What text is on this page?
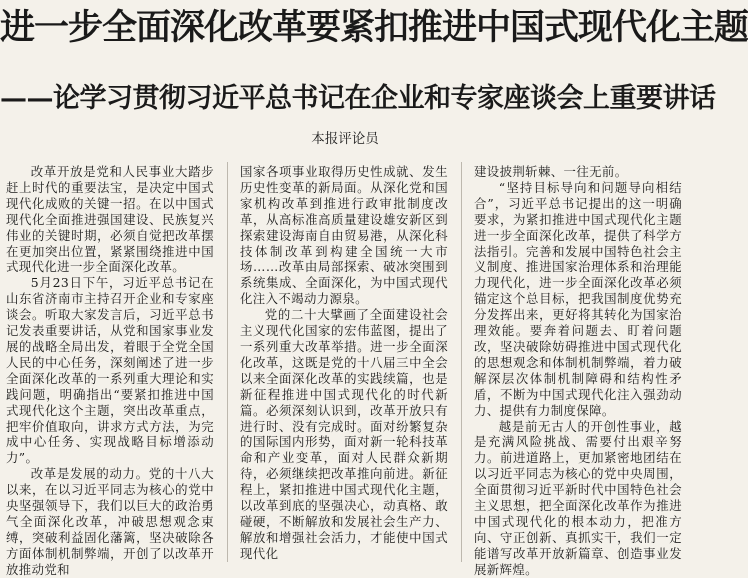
进一步全面深化改革要紧扣推进中国式现代化主题
——论学习贯彻习近平总书记在企业和专家座谈会上重要讲话
本报评论员

改革开放是党和人民事业大踏步赶上时代的重要法宝，是决定中国式现代化成败的关键一招。在以中国式现代化全面推进强国建设、民族复兴伟业的关键时期，必须自觉把改革摆在更加突出位置，紧紧围绕推进中国式现代化进一步全面深化改革。

5月23日下午，习近平总书记在山东省济南市主持召开企业和专家座谈会。听取大家发言后，习近平总书记发表重要讲话，从党和国家事业发展的战略全局出发，着眼于全党全国人民的中心任务，深刻阐述了进一步全面深化改革的一系列重大理论和实践问题，明确指出“要紧扣推进中国式现代化这个主题，突出改革重点，把牢价值取向，讲求方式方法，为完成中心任务、实现战略目标增添动力”。

改革是发展的动力。党的十八大以来，在以习近平同志为核心的党中央坚强领导下，我们以巨大的政治勇气全面深化改革，冲破思想观念束缚，突破利益固化藩篱，坚决破除各方面体制机制弊端，开创了以改革开放推动党和

国家各项事业取得历史性成就、发生历史性变革的新局面。从深化党和国家机构改革到推进行政审批制度改革，从高标准高质量建设雄安新区到探索建设海南自由贸易港，从深化科技体制改革到构建全国统一大市场……改革由局部探索、破冰突围到系统集成、全面深化，为中国式现代化注入不竭动力源泉。

党的二十大擘画了全面建设社会主义现代化国家的宏伟蓝图，提出了一系列重大改革举措。进一步全面深化改革，这既是党的十八届三中全会以来全面深化改革的实践续篇，也是新征程推进中国式现代化的时代新篇。必须深刻认识到，改革开放只有进行时、没有完成时。面对纷繁复杂的国际国内形势，面对新一轮科技革命和产业变革，面对人民群众新期待，必须继续把改革推向前进。新征程上，紧扣推进中国式现代化主题，以改革到底的坚强决心，动真格、敢碰硬，不断解放和发展社会生产力、解放和增强社会活力，才能使中国式现代化

建设披荆斩棘、一往无前。

“坚持目标导向和问题导向相结合”，习近平总书记提出的这一明确要求，为紧扣推进中国式现代化主题进一步全面深化改革，提供了科学方法指引。完善和发展中国特色社会主义制度、推进国家治理体系和治理能力现代化，进一步全面深化改革必须锚定这个总目标，把我国制度优势充分发挥出来，更好将其转化为国家治理效能。要奔着问题去、盯着问题改，坚决破除妨碍推进中国式现代化的思想观念和体制机制弊端，着力破解深层次体制机制障碍和结构性矛盾，不断为中国式现代化注入强劲动力、提供有力制度保障。

越是前无古人的开创性事业，越是充满风险挑战、需要付出艰辛努力。前进道路上，更加紧密地团结在以习近平同志为核心的党中央周围，全面贯彻习近平新时代中国特色社会主义思想，把全面深化改革作为推进中国式现代化的根本动力，把准方向、守正创新、真抓实干，我们一定能谱写改革开放新篇章、创造事业发展新辉煌。
